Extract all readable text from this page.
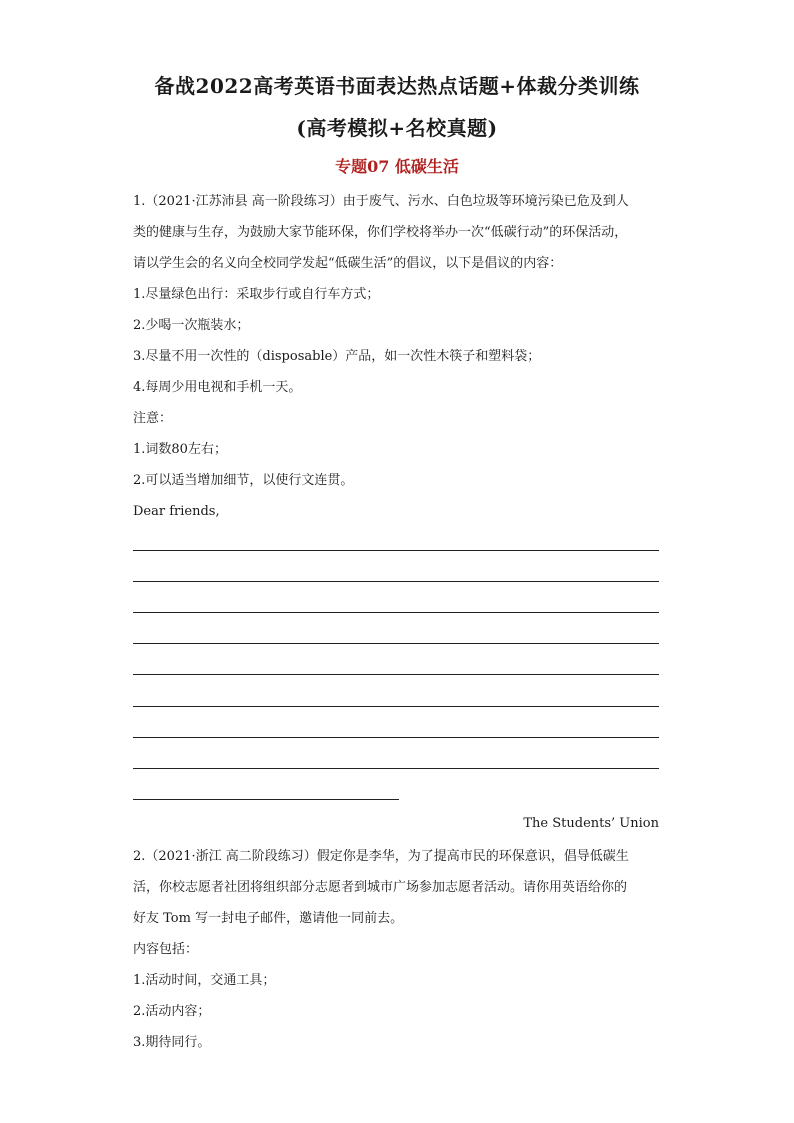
备战2022高考英语书面表达热点话题+体裁分类训练
(高考模拟+名校真题)
专题07 低碳生活
1.（2021·江苏沛县 高一阶段练习）由于废气、污水、白色垃圾等环境污染已危及到人
类的健康与生存，为鼓励大家节能环保，你们学校将举办一次“低碳行动”的环保活动，
请以学生会的名义向全校同学发起“低碳生活”的倡议，以下是倡议的内容：
1.尽量绿色出行：采取步行或自行车方式；
2.少喝一次瓶装水；
3.尽量不用一次性的（disposable）产品，如一次性木筷子和塑料袋；
4.每周少用电视和手机一天。
注意：
1.词数80左右；
2.可以适当增加细节，以使行文连贯。
Dear friends,
The Students’ Union
2.（2021·浙江 高二阶段练习）假定你是李华，为了提高市民的环保意识，倡导低碳生
活，你校志愿者社团将组织部分志愿者到城市广场参加志愿者活动。请你用英语给你的
好友 Tom 写一封电子邮件，邀请他一同前去。
内容包括：
1.活动时间，交通工具；
2.活动内容；
3.期待同行。
